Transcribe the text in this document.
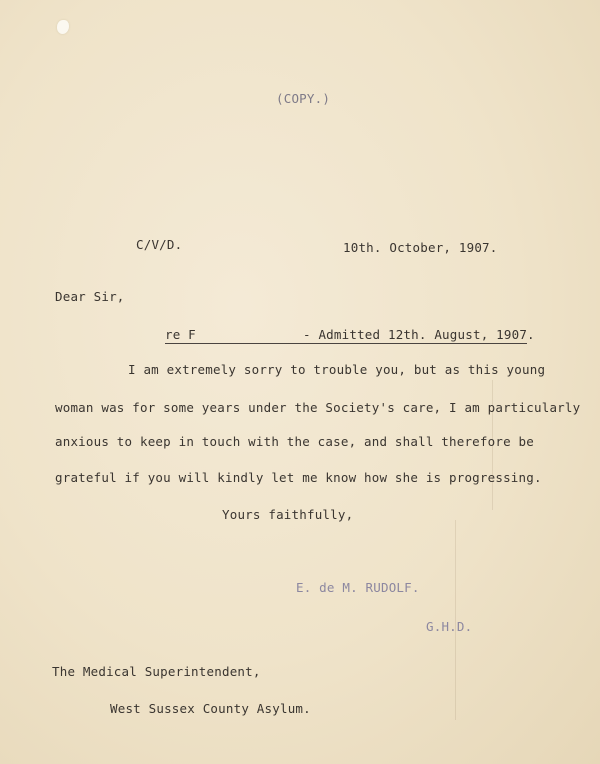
(COPY.)
C/V/D.	10th. October, 1907.
Dear Sir,
re F	- Admitted 12th. August, 1907.
I am extremely sorry to trouble you, but as this young
woman was for some years under the Society's care, I am particularly
anxious to keep in touch with the case, and shall therefore be
grateful if you will kindly let me know how she is progressing.
Yours faithfully,
E. de M. RUDOLF.
G.H.D.
The Medical Superintendent,
West Sussex County Asylum.
